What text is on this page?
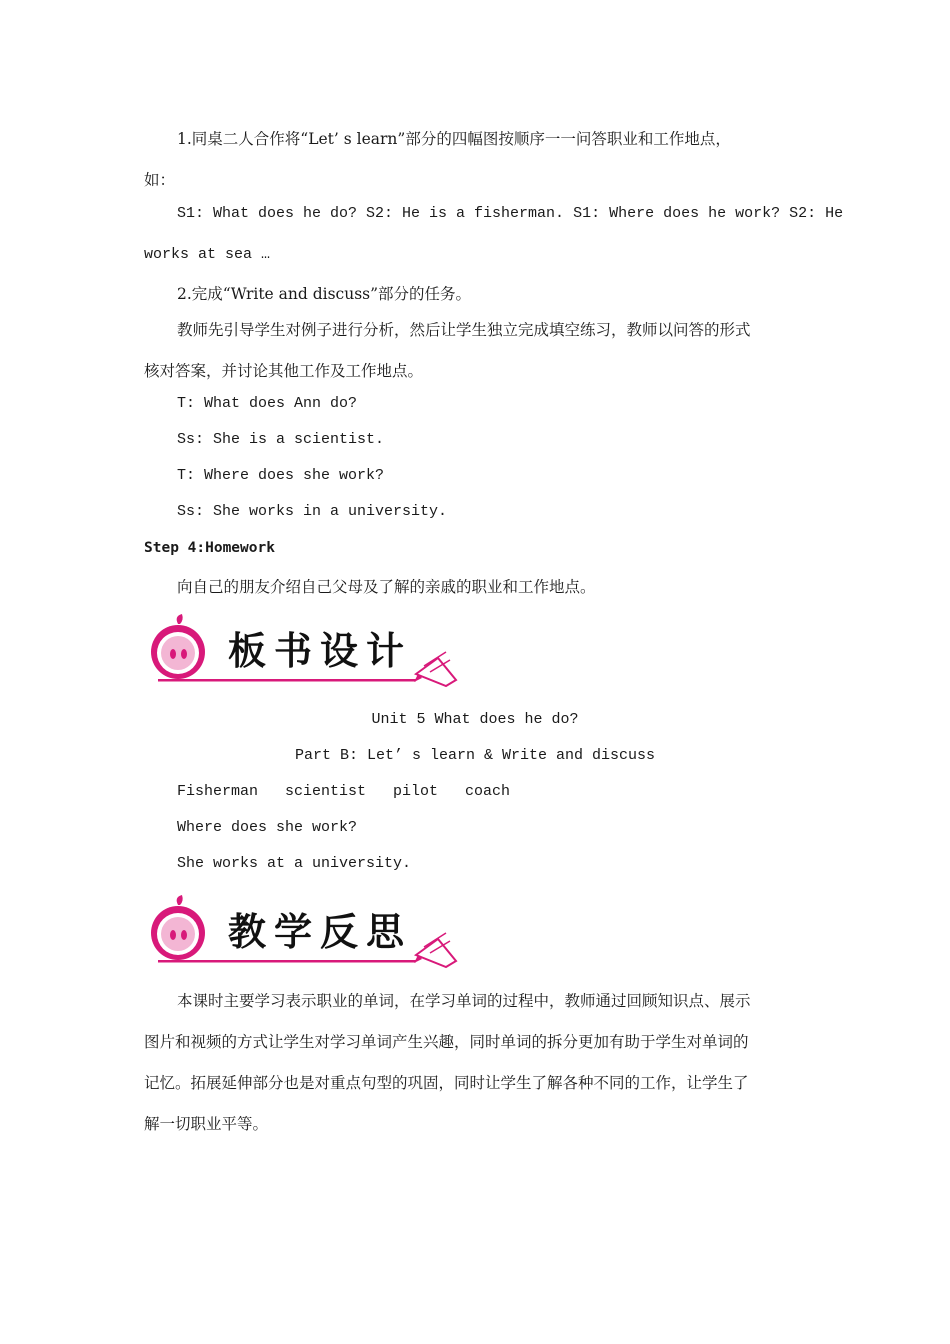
1.同桌二人合作将“Let’ s learn”部分的四幅图按顺序一一问答职业和工作地点，
如：
S1: What does he do? S2: He is a fisherman. S1: Where does he work? S2: He
works at sea …
2.完成“Write and discuss”部分的任务。
教师先引导学生对例子进行分析，然后让学生独立完成填空练习，教师以问答的形式
核对答案，并讨论其他工作及工作地点。
T: What does Ann do?
Ss: She is a scientist.
T: Where does she work?
Ss: She works in a university.
Step 4:Homework
向自己的朋友介绍自己父母及了解的亲戚的职业和工作地点。
板书设计
Unit 5 What does he do?
Part B: Let’ s learn & Write and discuss
Fisherman   scientist   pilot   coach
Where does she work?
She works at a university.
教学反思
本课时主要学习表示职业的单词，在学习单词的过程中，教师通过回顾知识点、展示
图片和视频的方式让学生对学习单词产生兴趣，同时单词的拆分更加有助于学生对单词的
记忆。拓展延伸部分也是对重点句型的巩固，同时让学生了解各种不同的工作，让学生了
解一切职业平等。
